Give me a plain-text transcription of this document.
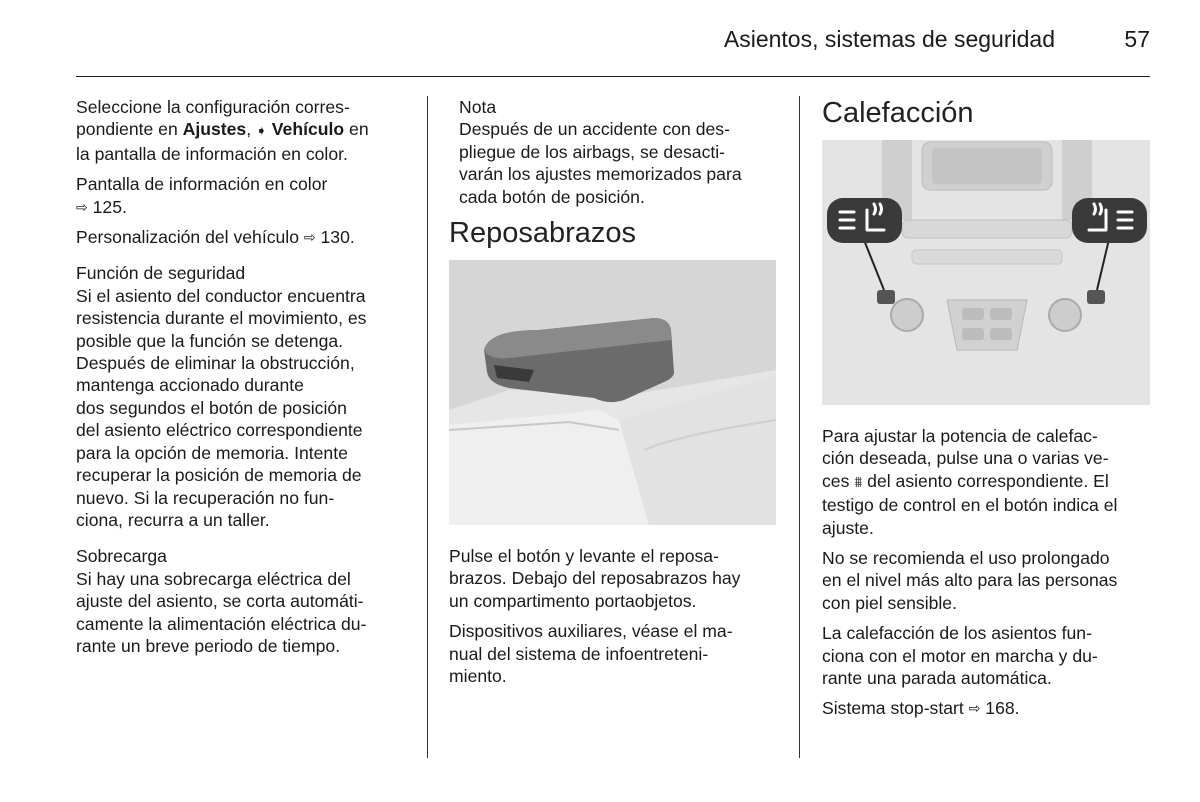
Asientos, sistemas de seguridad	57

Seleccione la configuración corres-
pondiente en Ajustes, ➧ Vehículo en
la pantalla de información en color.

Pantalla de información en color
⇨ 125.

Personalización del vehículo ⇨ 130.

Función de seguridad
Si el asiento del conductor encuentra
resistencia durante el movimiento, es
posible que la función se detenga.
Después de eliminar la obstrucción,
mantenga accionado durante
dos segundos el botón de posición
del asiento eléctrico correspondiente
para la opción de memoria. Intente
recuperar la posición de memoria de
nuevo. Si la recuperación no fun-
ciona, recurra a un taller.

Sobrecarga
Si hay una sobrecarga eléctrica del
ajuste del asiento, se corta automáti-
camente la alimentación eléctrica du-
rante un breve periodo de tiempo.

Nota
Después de un accidente con des-
pliegue de los airbags, se desacti-
varán los ajustes memorizados para
cada botón de posición.

Reposabrazos

Pulse el botón y levante el reposa-
brazos. Debajo del reposabrazos hay
un compartimento portaobjetos.

Dispositivos auxiliares, véase el ma-
nual del sistema de infoentreteni-
miento.

Calefacción

Para ajustar la potencia de calefac-
ción deseada, pulse una o varias ve-
ces ⩩ del asiento correspondiente. El
testigo de control en el botón indica el
ajuste.

No se recomienda el uso prolongado
en el nivel más alto para las personas
con piel sensible.

La calefacción de los asientos fun-
ciona con el motor en marcha y du-
rante una parada automática.

Sistema stop-start ⇨ 168.
